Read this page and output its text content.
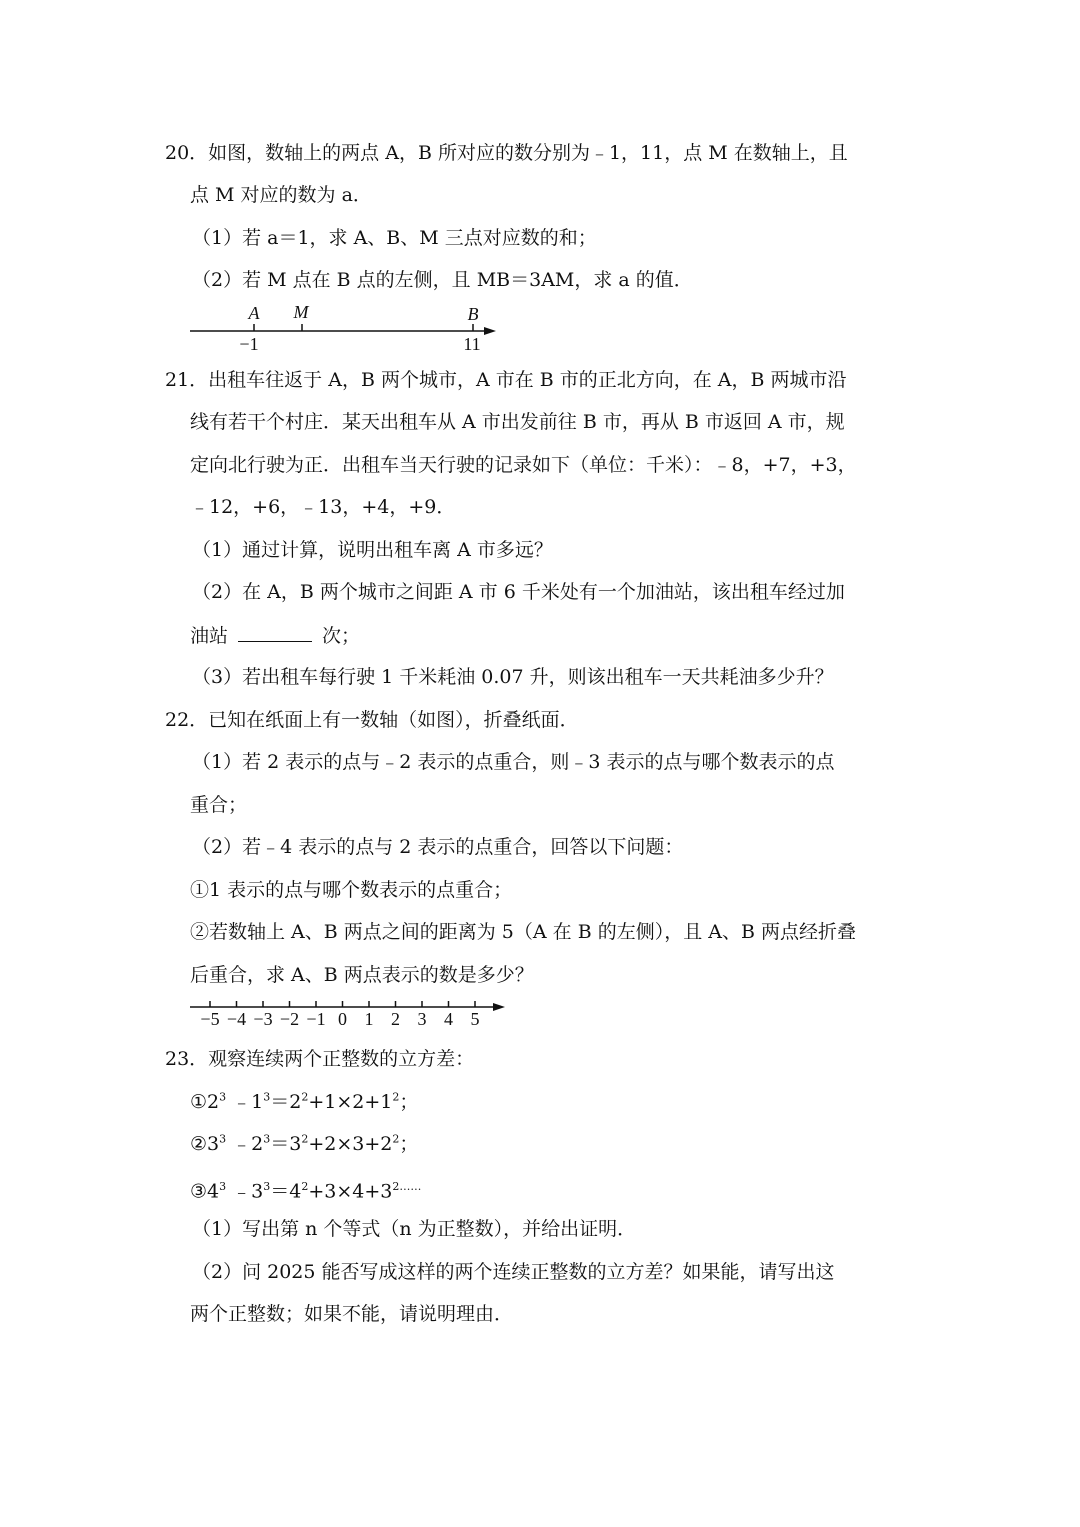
20．如图，数轴上的两点 A，B 所对应的数分别为﹣1，11，点 M 在数轴上，且
点 M 对应的数为 a．
（1）若 a＝1，求 A、B、M 三点对应数的和；
（2）若 M 点在 B 点的左侧，且 MB＝3AM，求 a 的值．
A M	B
−1	11
21．出租车往返于 A，B 两个城市，A 市在 B 市的正北方向，在 A，B 两城市沿
线有若干个村庄．某天出租车从 A 市出发前往 B 市，再从 B 市返回 A 市，规
定向北行驶为正．出租车当天行驶的记录如下（单位：千米）：﹣8，+7，+3，
﹣12，+6，﹣13，+4，+9．
（1）通过计算，说明出租车离 A 市多远？
（2）在 A，B 两个城市之间距 A 市 6 千米处有一个加油站，该出租车经过加
油站	次；
（3）若出租车每行驶 1 千米耗油 0.07 升，则该出租车一天共耗油多少升？
22．已知在纸面上有一数轴（如图），折叠纸面．
（1）若 2 表示的点与﹣2 表示的点重合，则﹣3 表示的点与哪个数表示的点
重合；
（2）若﹣4 表示的点与 2 表示的点重合，回答以下问题：
①1 表示的点与哪个数表示的点重合；
②若数轴上 A、B 两点之间的距离为 5（A 在 B 的左侧），且 A、B 两点经折叠
后重合，求 A、B 两点表示的数是多少？
−5 −4 −3 −2 −1 0 1 2 3 4 5
23．观察连续两个正整数的立方差：
$①2^3$ $﹣1^3=2^2+1\times 2+1^2$；
$②3^3$ $﹣2^3=3^2+2\times 3+2^2$；
$③4^3$ $﹣3^3=4^2+3\times 4+3^{2\dots\dots}$
（1）写出第 n 个等式（n 为正整数），并给出证明．
（2）问 2025 能否写成这样的两个连续正整数的立方差？如果能，请写出这
两个正整数；如果不能，请说明理由．
